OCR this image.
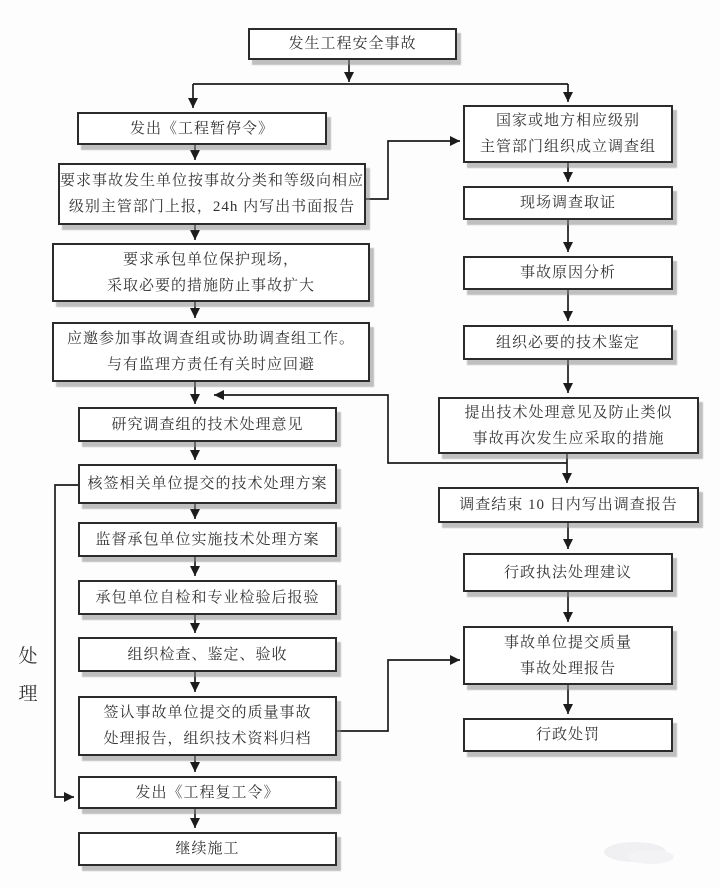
处理
发生工程安全事故
发出《工程暂停令》
要求事故发生单位按事故分类和等级向相应
级别主管部门上报，24h 内写出书面报告
要求承包单位保护现场，
采取必要的措施防止事故扩大
应邀参加事故调查组或协助调查组工作。
与有监理方责任有关时应回避
研究调查组的技术处理意见
核签相关单位提交的技术处理方案
监督承包单位实施技术处理方案
承包单位自检和专业检验后报验
组织检查、鉴定、验收
签认事故单位提交的质量事故
处理报告，组织技术资料归档
发出《工程复工令》
继续施工
国家或地方相应级别
主管部门组织成立调查组
现场调查取证
事故原因分析
组织必要的技术鉴定
提出技术处理意见及防止类似
事故再次发生应采取的措施
调查结束 10 日内写出调查报告
行政执法处理建议
事故单位提交质量
事故处理报告
行政处罚
